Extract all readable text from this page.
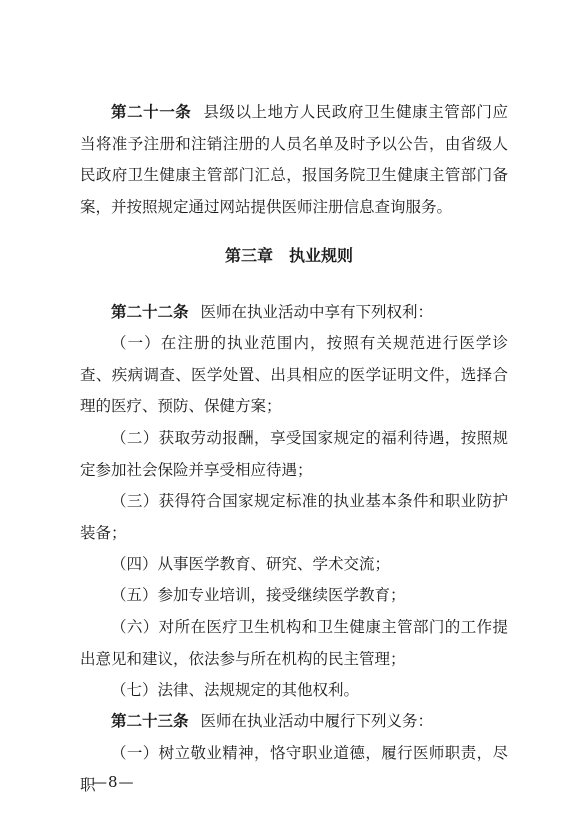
第二十一条 县级以上地方人民政府卫生健康主管部门应当将准予注册和注销注册的人员名单及时予以公告，由省级人民政府卫生健康主管部门汇总，报国务院卫生健康主管部门备案，并按照规定通过网站提供医师注册信息查询服务。

第三章 执业规则

第二十二条 医师在执业活动中享有下列权利：

（一）在注册的执业范围内，按照有关规范进行医学诊查、疾病调查、医学处置、出具相应的医学证明文件，选择合理的医疗、预防、保健方案；

（二）获取劳动报酬，享受国家规定的福利待遇，按照规定参加社会保险并享受相应待遇；

（三）获得符合国家规定标准的执业基本条件和职业防护装备；

（四）从事医学教育、研究、学术交流；

（五）参加专业培训，接受继续医学教育；

（六）对所在医疗卫生机构和卫生健康主管部门的工作提出意见和建议，依法参与所在机构的民主管理；

（七）法律、法规规定的其他权利。

第二十三条 医师在执业活动中履行下列义务：

（一）树立敬业精神，恪守职业道德，履行医师职责，尽职

—8—
